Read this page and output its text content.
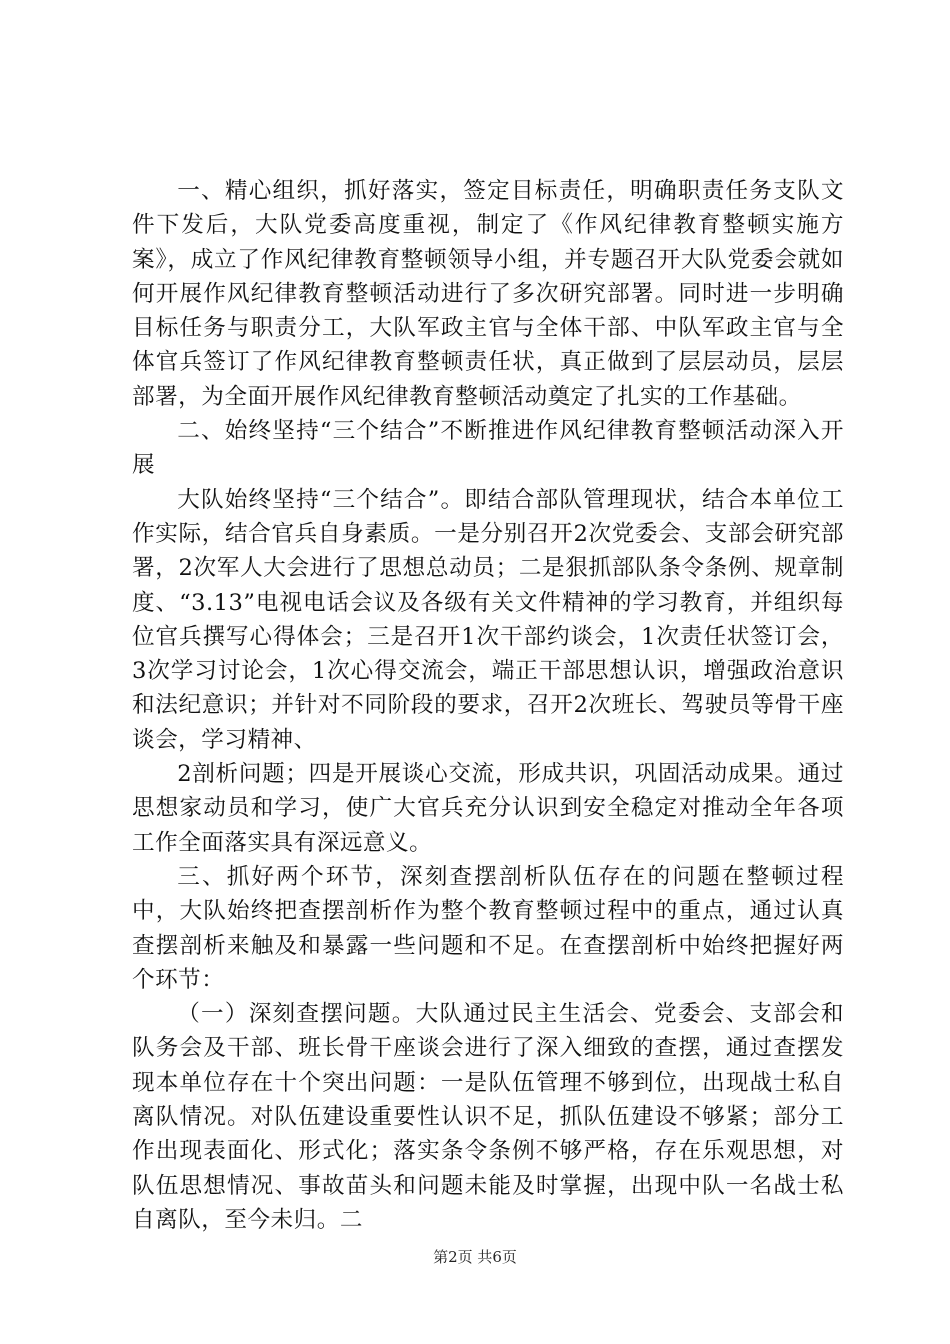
一、精心组织，抓好落实，签定目标责任，明确职责任务支队文件下发后，大队党委高度重视，制定了《作风纪律教育整顿实施方案》，成立了作风纪律教育整顿领导小组，并专题召开大队党委会就如何开展作风纪律教育整顿活动进行了多次研究部署。同时进一步明确目标任务与职责分工，大队军政主官与全体干部、中队军政主官与全体官兵签订了作风纪律教育整顿责任状，真正做到了层层动员，层层部署，为全面开展作风纪律教育整顿活动奠定了扎实的工作基础。

二、始终坚持“三个结合”不断推进作风纪律教育整顿活动深入开展

大队始终坚持“三个结合”。即结合部队管理现状，结合本单位工作实际，结合官兵自身素质。一是分别召开2次党委会、支部会研究部署，2次军人大会进行了思想总动员；二是狠抓部队条令条例、规章制度、“3.13”电视电话会议及各级有关文件精神的学习教育，并组织每位官兵撰写心得体会；三是召开1次干部约谈会，1次责任状签订会，3次学习讨论会，1次心得交流会，端正干部思想认识，增强政治意识和法纪意识；并针对不同阶段的要求，召开2次班长、驾驶员等骨干座谈会，学习精神、

2剖析问题；四是开展谈心交流，形成共识，巩固活动成果。通过思想家动员和学习，使广大官兵充分认识到安全稳定对推动全年各项工作全面落实具有深远意义。

三、抓好两个环节，深刻查摆剖析队伍存在的问题在整顿过程中，大队始终把查摆剖析作为整个教育整顿过程中的重点，通过认真查摆剖析来触及和暴露一些问题和不足。在查摆剖析中始终把握好两个环节：

（一）深刻查摆问题。大队通过民主生活会、党委会、支部会和队务会及干部、班长骨干座谈会进行了深入细致的查摆，通过查摆发现本单位存在十个突出问题：一是队伍管理不够到位，出现战士私自离队情况。对队伍建设重要性认识不足，抓队伍建设不够紧；部分工作出现表面化、形式化；落实条令条例不够严格，存在乐观思想，对队伍思想情况、事故苗头和问题未能及时掌握，出现中队一名战士私自离队，至今未归。二

第2页 共6页
